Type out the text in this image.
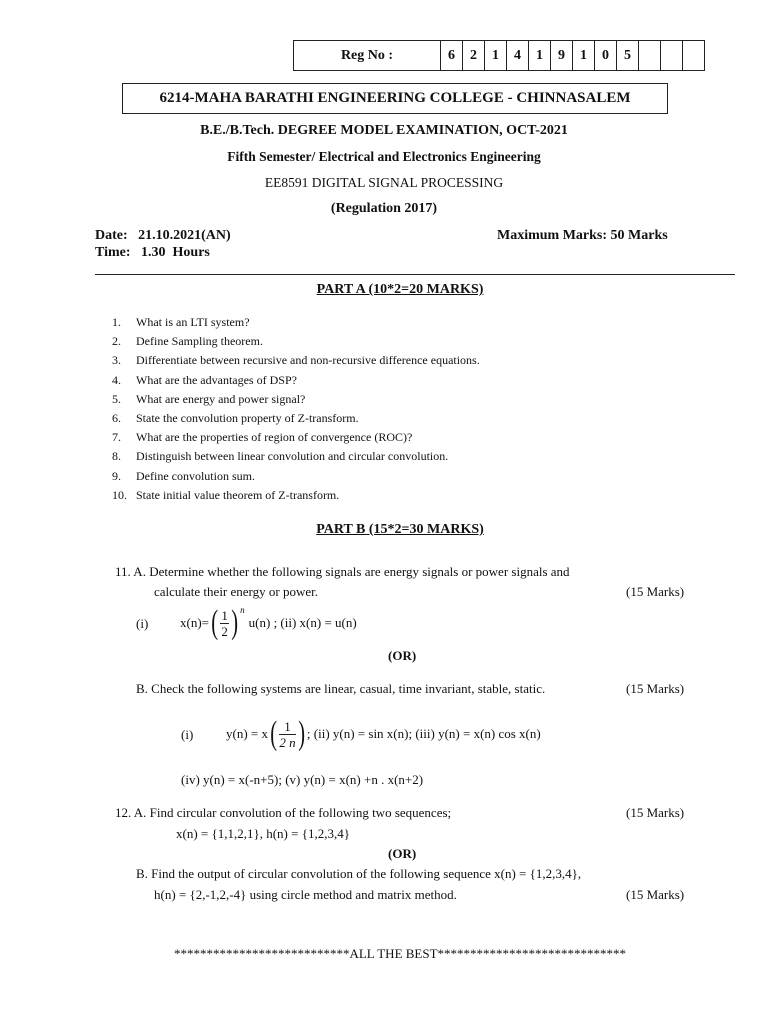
Reg No :	6	2	1	4	1	9	1	0	5			
6214-MAHA BARATHI ENGINEERING COLLEGE - CHINNASALEM
B.E./B.Tech. DEGREE MODEL EXAMINATION, OCT-2021
Fifth Semester/ Electrical and Electronics Engineering
EE8591 DIGITAL SIGNAL PROCESSING
(Regulation 2017)
Date:   21.10.2021(AN)
Time:   1.30  Hours
Maximum Marks: 50 Marks
PART A (10*2=20 MARKS)
1. What is an LTI system?
2. Define Sampling theorem.
3. Differentiate between recursive and non-recursive difference equations.
4. What are the advantages of DSP?
5. What are energy and power signal?
6. State the convolution property of Z-transform.
7. What are the properties of region of convergence (ROC)?
8. Distinguish between linear convolution and circular convolution.
9. Define convolution sum.
10. State initial value theorem of Z-transform.
PART B (15*2=30 MARKS)
11. A. Determine whether the following signals are energy signals or power signals and
calculate their energy or power.	(15 Marks)
(i) x(n)= ( $\frac{1}{2}$ ) $^n$
u(n) ; (ii) x(n) = u(n)
(OR)
B. Check the following systems are linear, casual, time invariant, stable, static.	(15 Marks)
(i)	y(n) = x ( $\frac{1}{2 n}$ ) ; (ii) y(n) = sin x(n); (iii) y(n) = x(n) cos x(n)
(iv) y(n) = x(-n+5); (v) y(n) = x(n) +n . x(n+2)
12. A. Find circular convolution of the following two sequences;	(15 Marks)
x(n) = {1,1,2,1}, h(n) = {1,2,3,4}
(OR)
B. Find the output of circular convolution of the following sequence x(n) = {1,2,3,4},
h(n) = {2,-1,2,-4} using circle method and matrix method.	(15 Marks)
***************************ALL THE BEST*****************************
